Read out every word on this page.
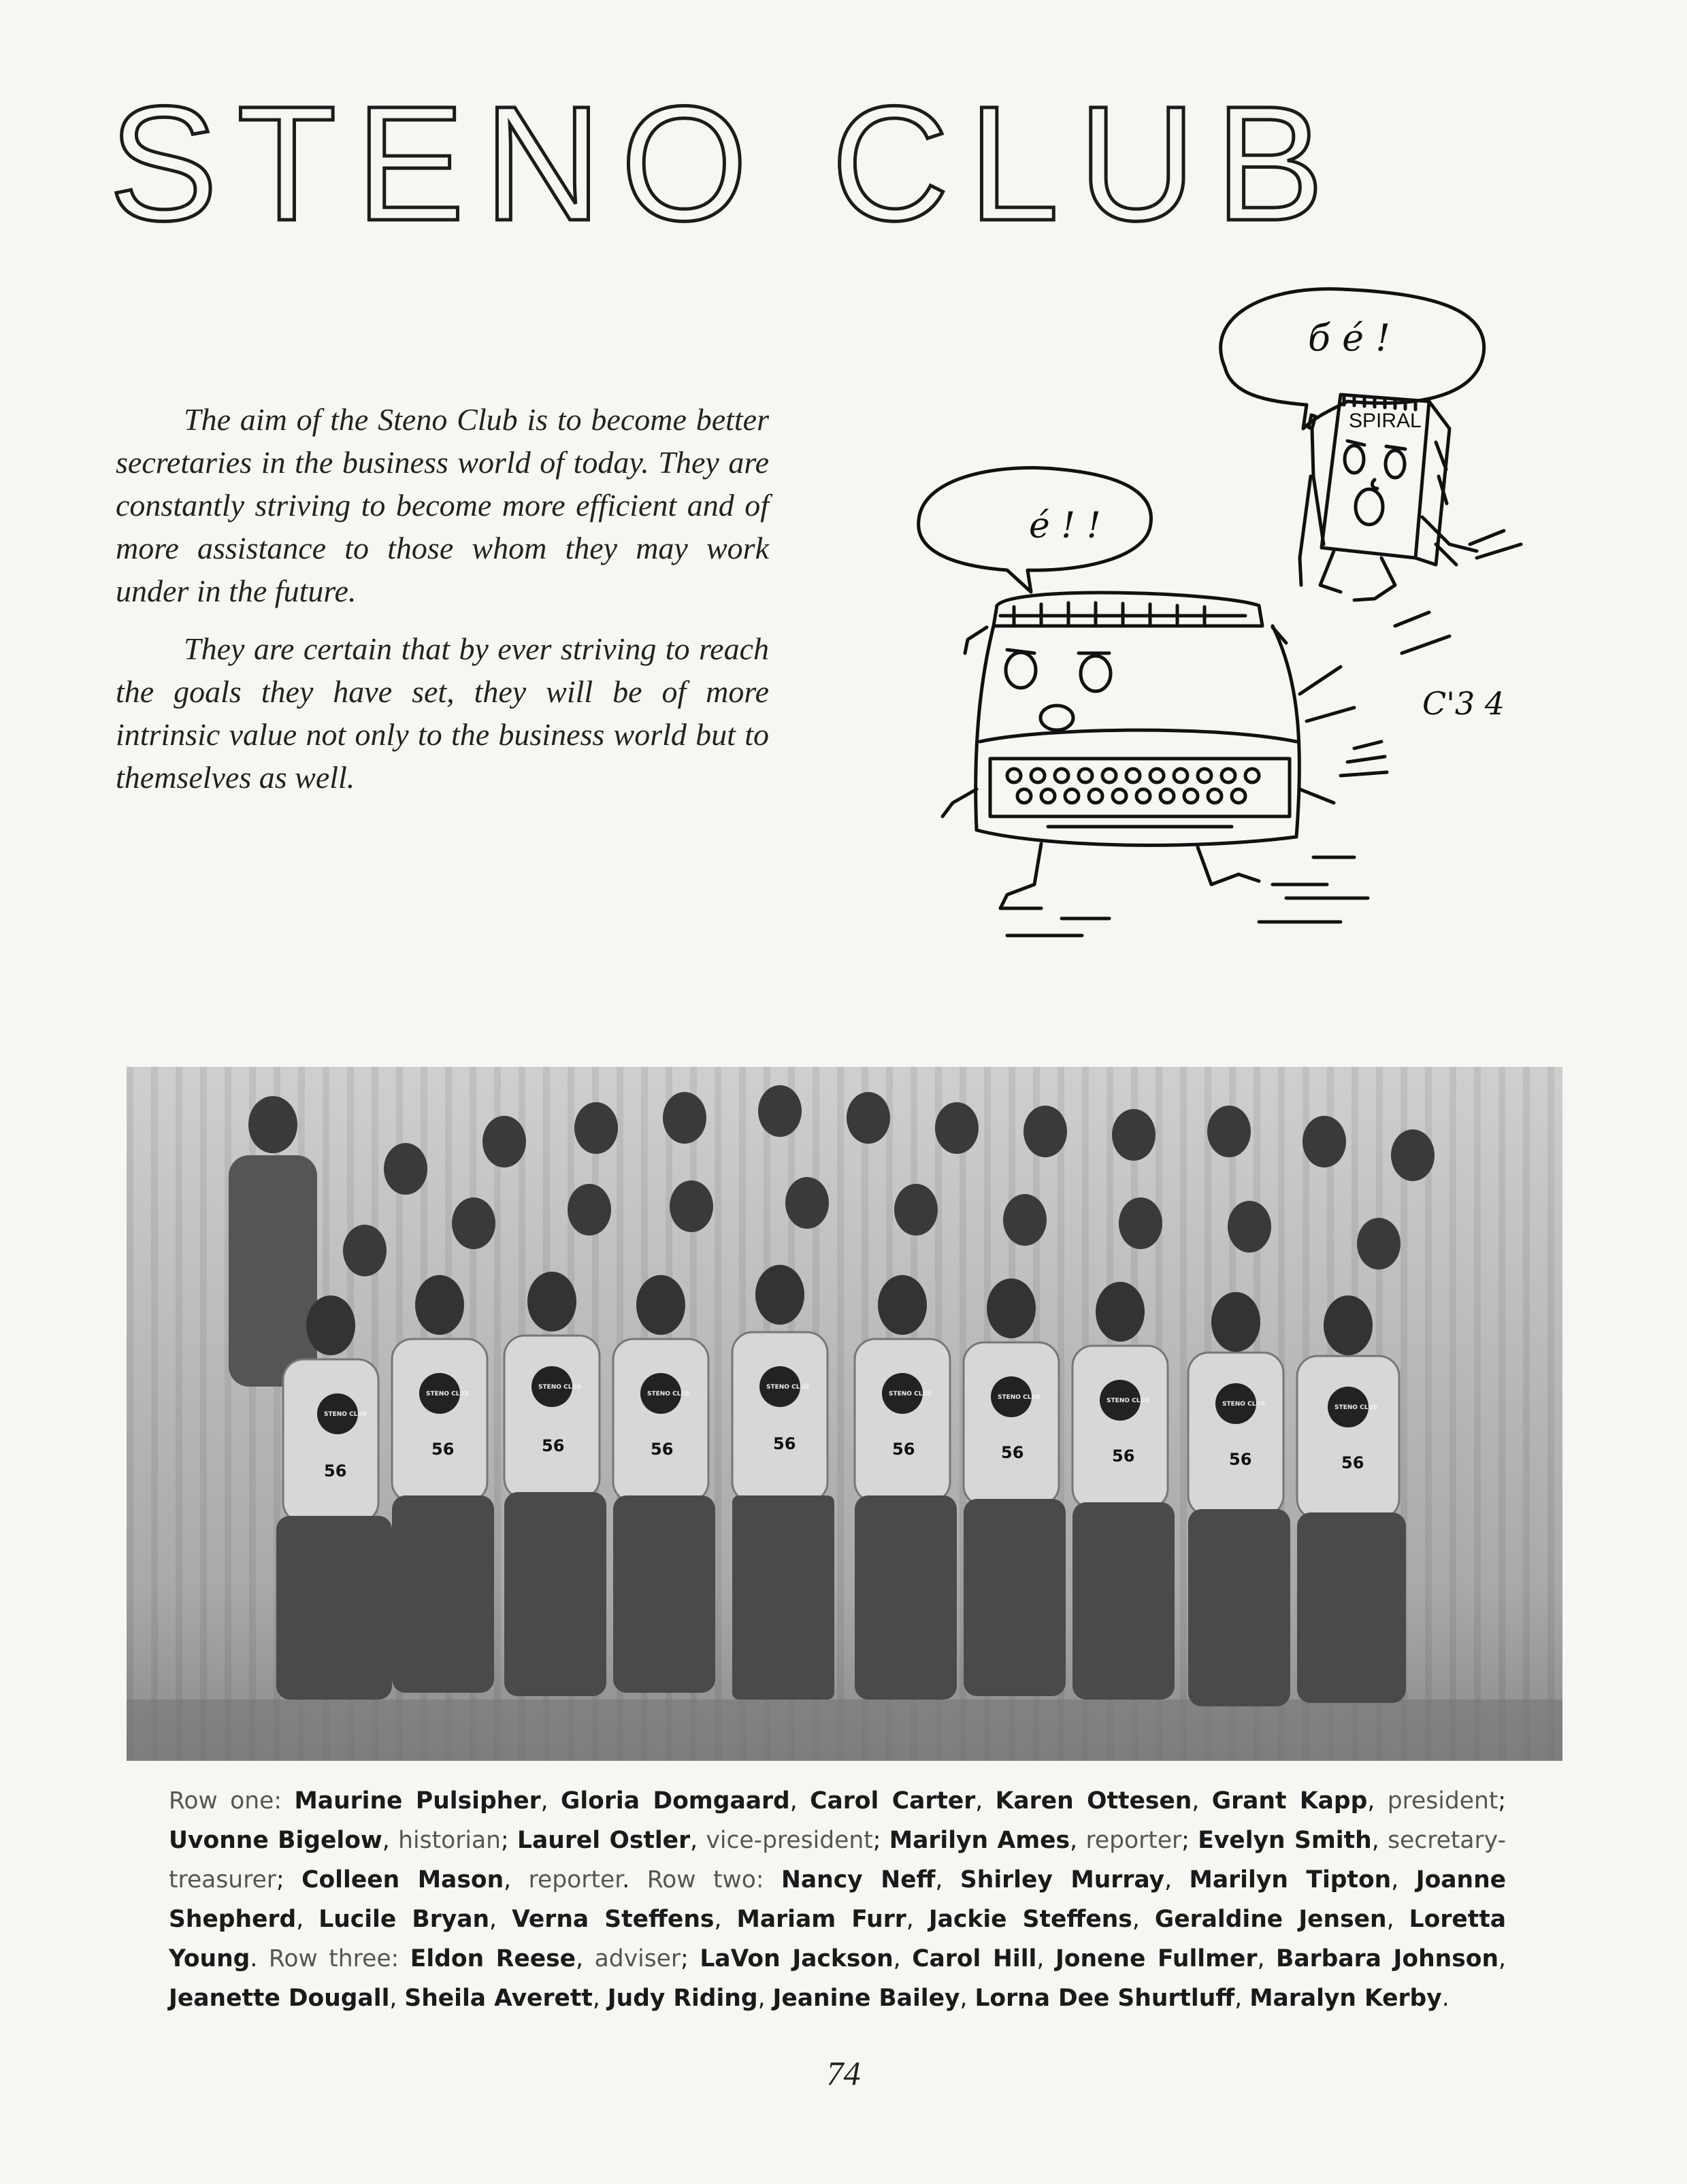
STENO CLUB

The aim of the Steno Club is to become better secretaries in the business world of today. They are constantly striving to become more efficient and of more assistance to those whom they may work under in the future.

They are certain that by ever striving to reach the goals they have set, they will be of more intrinsic value not only to the business world but to themselves as well.

é ! !
б é !
SPIRAL
C'3 4
56
56	56	56	56	56	56	56	56	56
STENO CLUB
STENO CLUB
STENO CLUB
STENO CLUB
STENO CLUB
STENO CLUB	STENO CLUB	STENO CLUB	STENO CLUB	STENO CLUB
Row one: Maurine Pulsipher, Gloria Domgaard, Carol Carter, Karen Ottesen, Grant Kapp, president; Uvonne Bigelow, historian; Laurel Ostler, vice-president; Marilyn Ames, reporter; Evelyn Smith, secretary-treasurer; Colleen Mason, reporter. Row two: Nancy Neff, Shirley Murray, Marilyn Tipton, Joanne Shepherd, Lucile Bryan, Verna Steffens, Mariam Furr, Jackie Steffens, Geraldine Jensen, Loretta Young. Row three: Eldon Reese, adviser; LaVon Jackson, Carol Hill, Jonene Fullmer, Barbara Johnson, Jeanette Dougall, Sheila Averett, Judy Riding, Jeanine Bailey, Lorna Dee Shurtluff, Maralyn Kerby.
74
